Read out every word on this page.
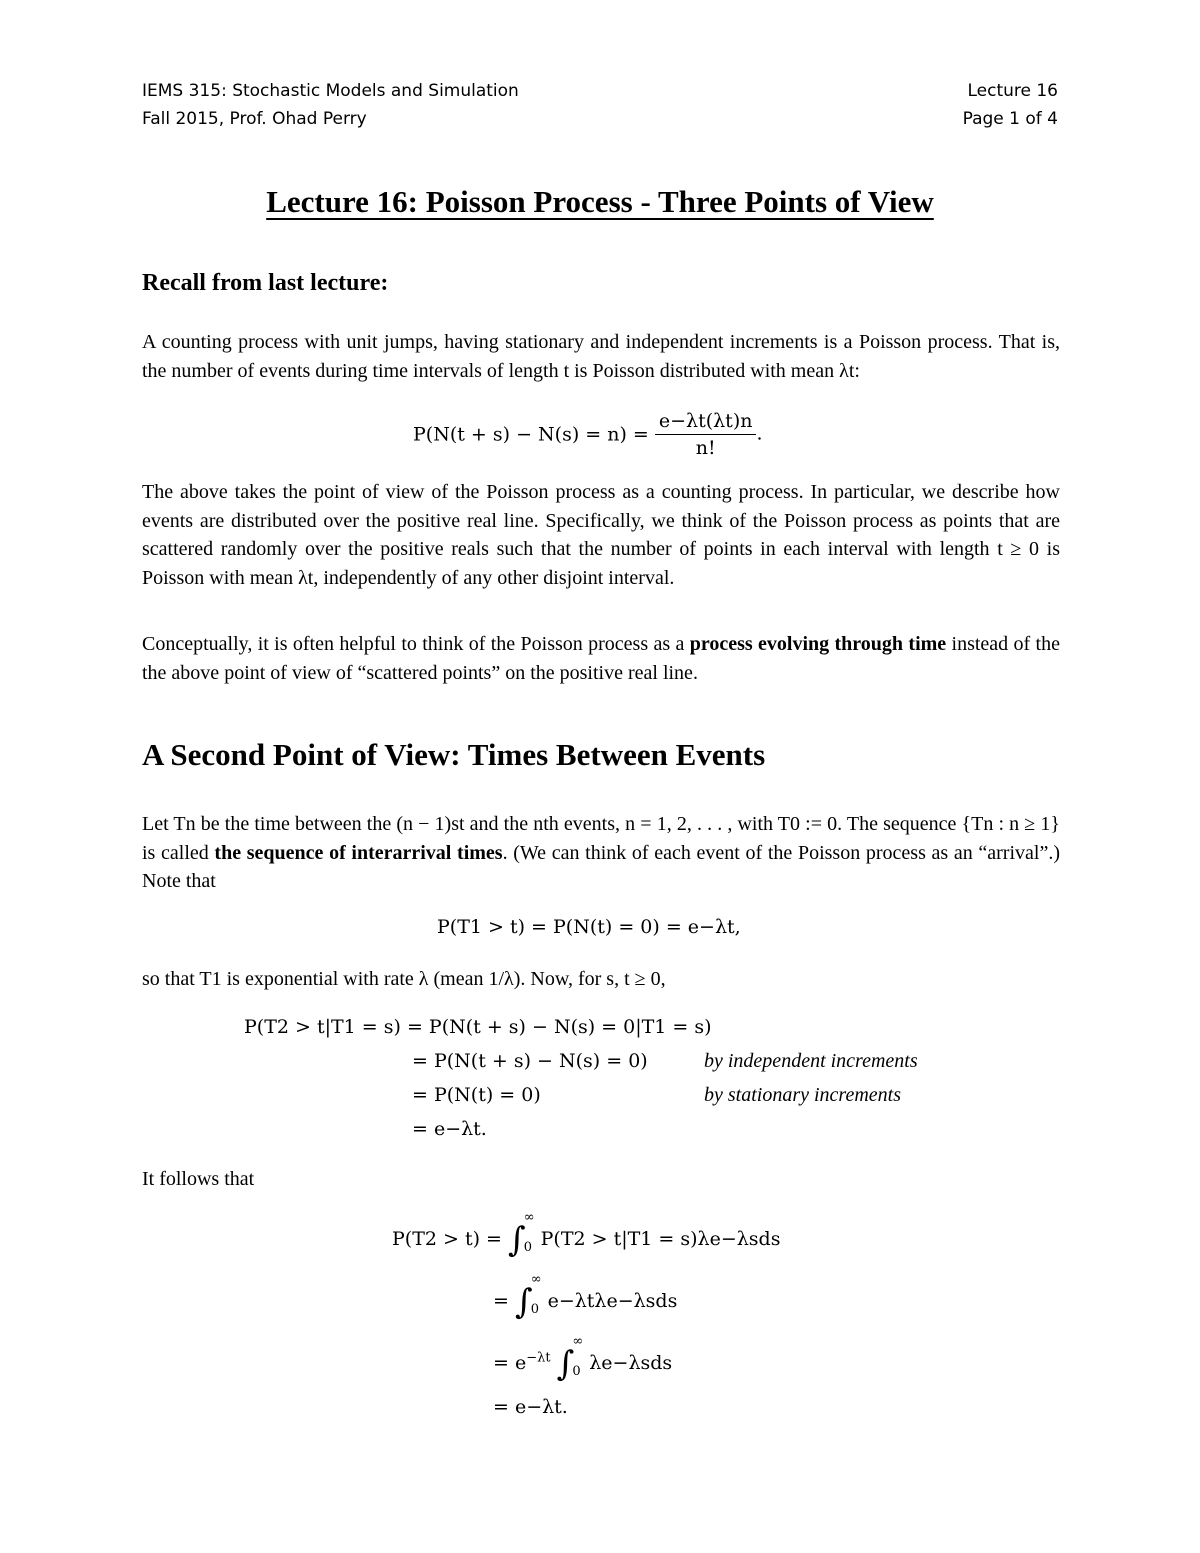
IEMS 315: Stochastic Models and Simulation
Fall 2015, Prof. Ohad Perry
Lecture 16
Page 1 of 4
Lecture 16: Poisson Process - Three Points of View
Recall from last lecture:

A counting process with unit jumps, having stationary and independent increments is a Poisson process. That is, the number of events during time intervals of length t is Poisson distributed with mean λt:

$P(N(t + s) - N(s) = n) = \frac{e-\lambda t(\lambda t)n}{n!}$ .

The above takes the point of view of the Poisson process as a counting process. In particular, we describe how events are distributed over the positive real line. Specifically, we think of the Poisson process as points that are scattered randomly over the positive reals such that the number of points in each interval with length t ≥ 0 is Poisson with mean λt, independently of any other disjoint interval.

Conceptually, it is often helpful to think of the Poisson process as a process evolving through time instead of the the above point of view of “scattered points” on the positive real line.

A Second Point of View: Times Between Events

Let Tn be the time between the (n − 1)st and the nth events, n = 1, 2, . . . , with T0 := 0. The sequence {Tn : n ≥ 1} is called the sequence of interarrival times. (We can think of each event of the Poisson process as an “arrival”.) Note that

P(T1 > t) = P(N(t) = 0) = e−λt,

so that T1 is exponential with rate λ (mean 1/λ). Now, for s, t ≥ 0,

P(T2 > t|T1 = s) = P(N(t + s) − N(s) = 0|T1 = s)
= P(N(t + s) − N(s) = 0)
= P(N(t) = 0)
= e−λt.
by independent increments
by stationary increments

It follows that

P(T2 > t) = ∫
∞
0 P(T2 > t|T1 = s)λe−λsds
= ∫
∞
0 e−λtλe−λsds
= $e^{-\lambda t}$ ∫
∞
0 λe−λsds
= e−λt.
